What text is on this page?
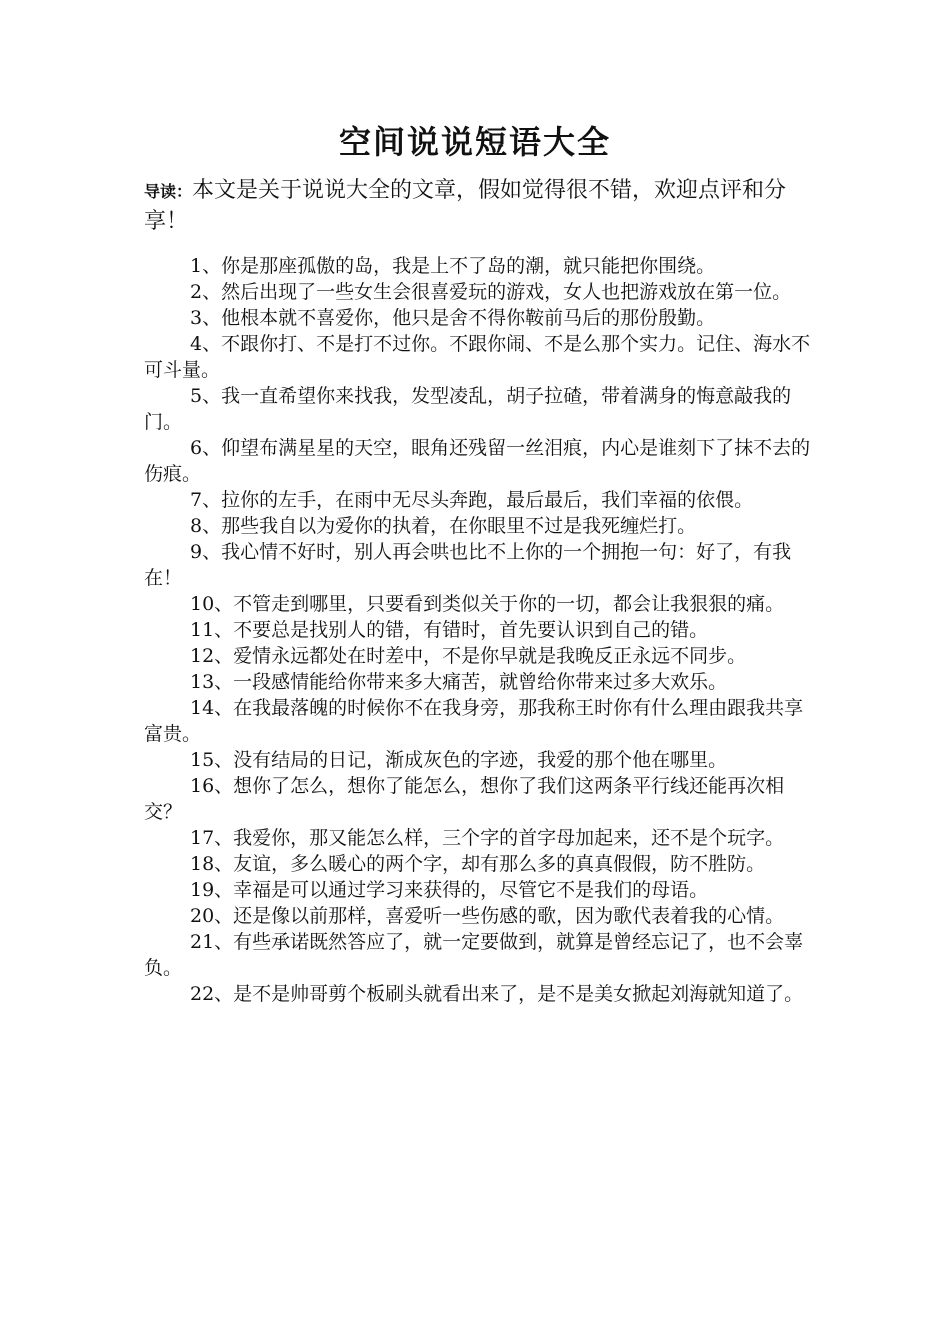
空间说说短语大全
导读：本文是关于说说大全的文章，假如觉得很不错，欢迎点评和分享！

1、你是那座孤傲的岛，我是上不了岛的潮，就只能把你围绕。

2、然后出现了一些女生会很喜爱玩的游戏，女人也把游戏放在第一位。

3、他根本就不喜爱你，他只是舍不得你鞍前马后的那份殷勤。

4、不跟你打、不是打不过你。不跟你闹、不是么那个实力。记住、海水不可斗量。

5、我一直希望你来找我，发型凌乱，胡子拉碴，带着满身的悔意敲我的门。

6、仰望布满星星的天空，眼角还残留一丝泪痕，内心是谁刻下了抹不去的伤痕。

7、拉你的左手，在雨中无尽头奔跑，最后最后，我们幸福的依偎。

8、那些我自以为爱你的执着，在你眼里不过是我死缠烂打。

9、我心情不好时，别人再会哄也比不上你的一个拥抱一句：好了，有我在！

10、不管走到哪里，只要看到类似关于你的一切，都会让我狠狠的痛。

11、不要总是找别人的错，有错时，首先要认识到自己的错。

12、爱情永远都处在时差中，不是你早就是我晚反正永远不同步。

13、一段感情能给你带来多大痛苦，就曾给你带来过多大欢乐。

14、在我最落魄的时候你不在我身旁，那我称王时你有什么理由跟我共享富贵。

15、没有结局的日记，渐成灰色的字迹，我爱的那个他在哪里。

16、想你了怎么，想你了能怎么，想你了我们这两条平行线还能再次相交？

17、我爱你，那又能怎么样，三个字的首字母加起来，还不是个玩字。

18、友谊，多么暖心的两个字，却有那么多的真真假假，防不胜防。

19、幸福是可以通过学习来获得的，尽管它不是我们的母语。

20、还是像以前那样，喜爱听一些伤感的歌，因为歌代表着我的心情。

21、有些承诺既然答应了，就一定要做到，就算是曾经忘记了，也不会辜负。

22、是不是帅哥剪个板刷头就看出来了，是不是美女掀起刘海就知道了。
